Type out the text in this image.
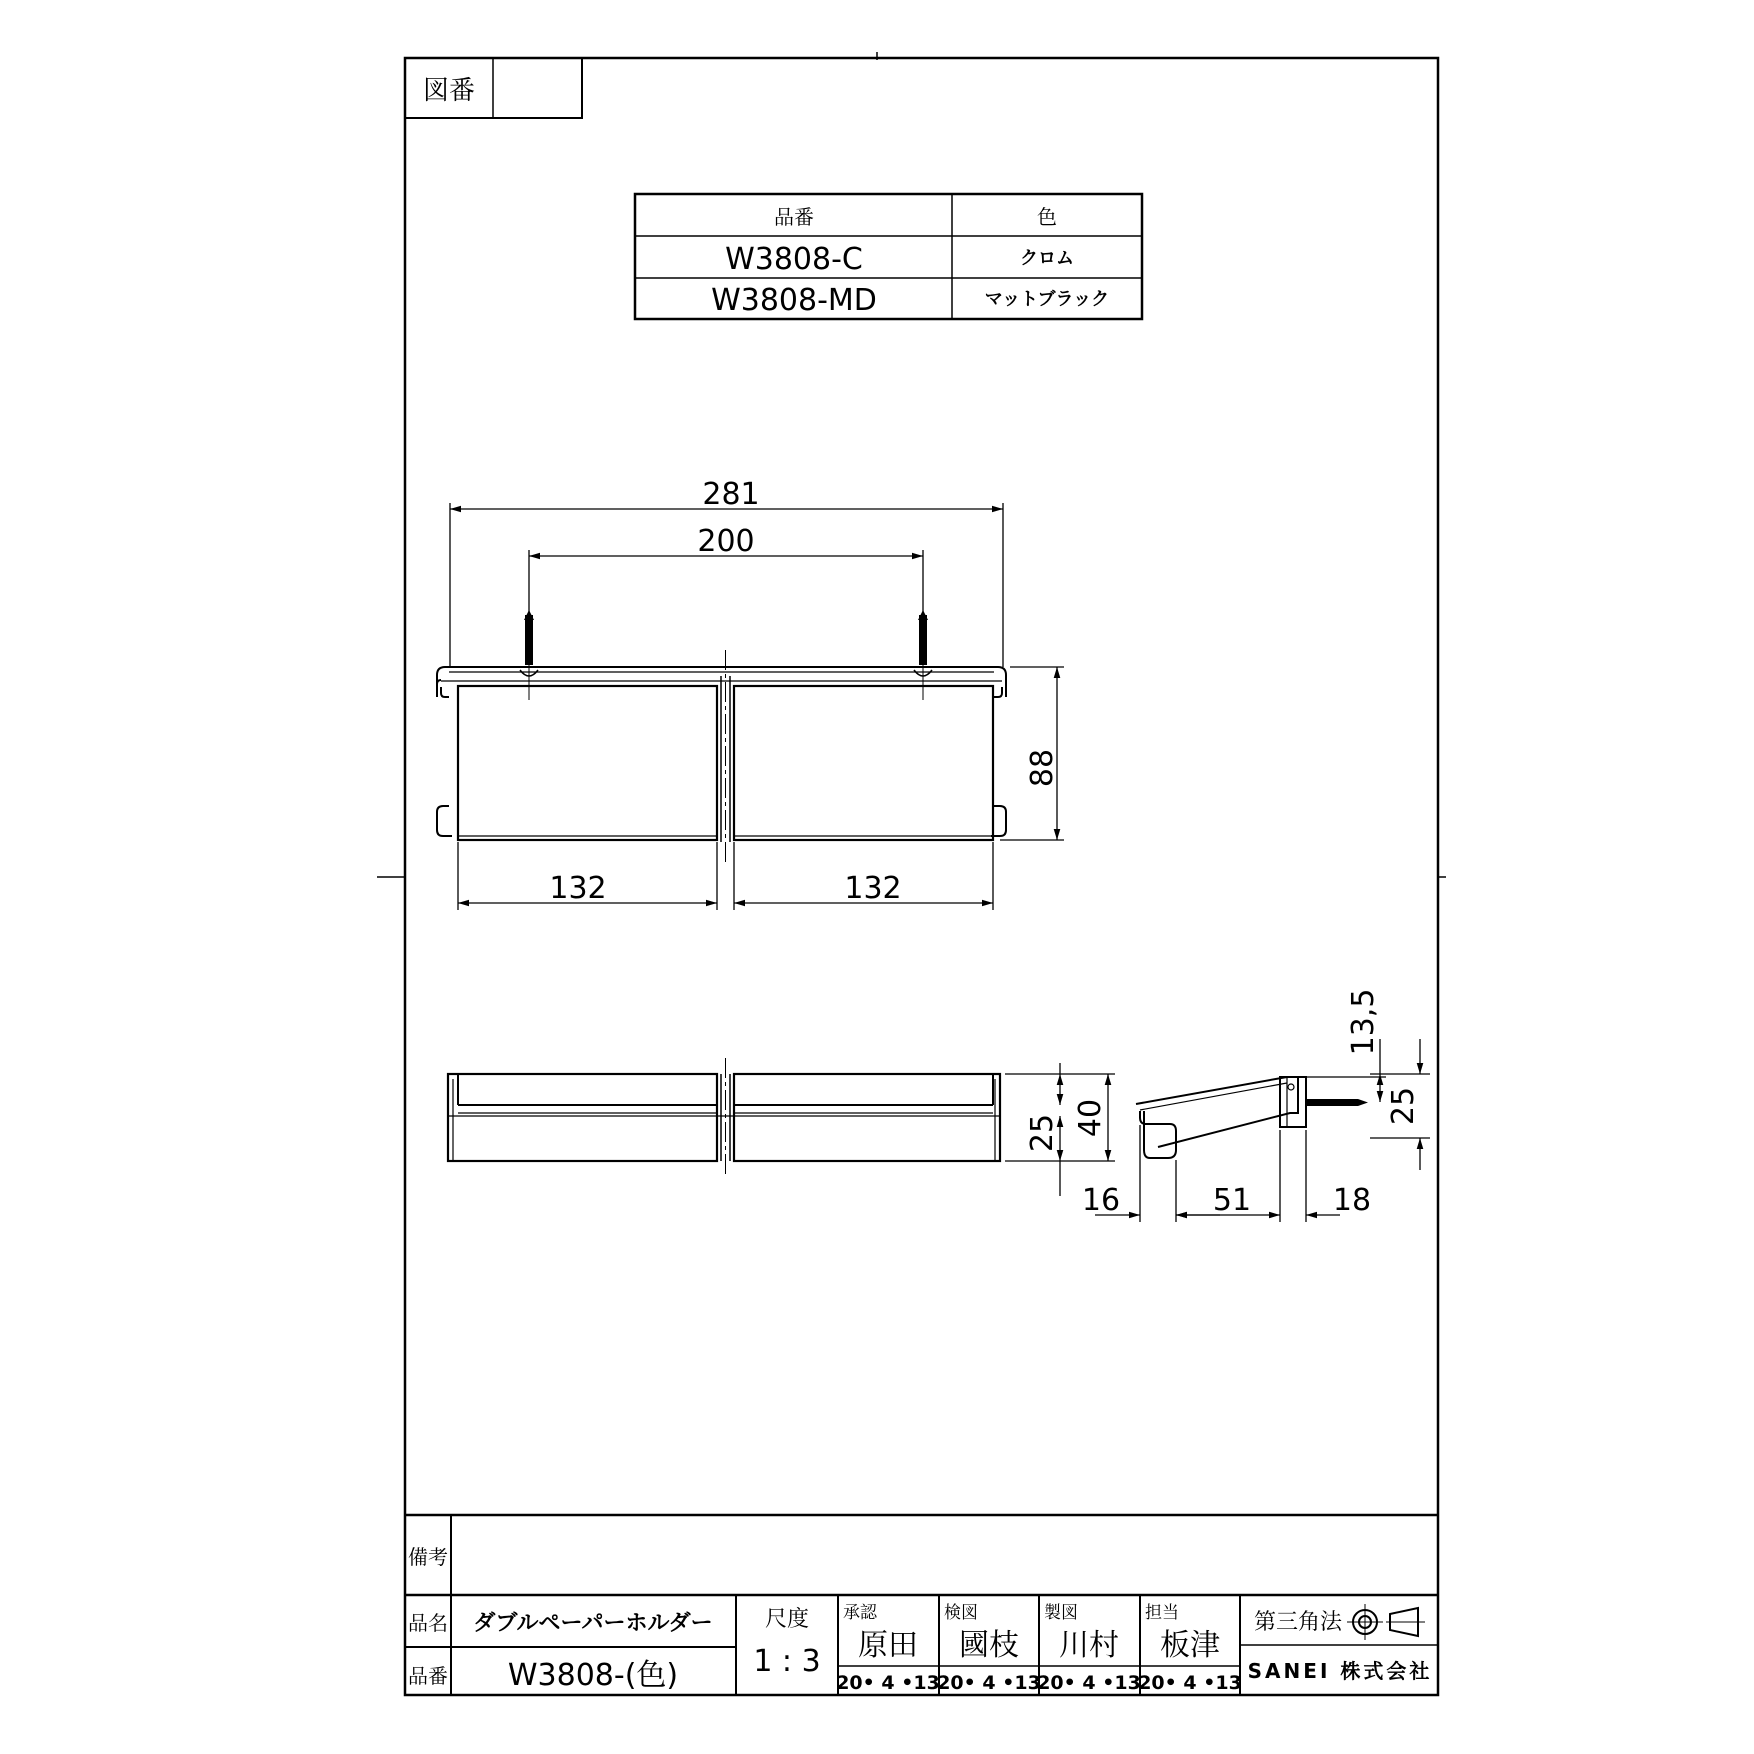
図番
品番	色
W3808-C	クロム
W3808-MD	マットブラック
281
200
88
132	132
25 40
13,5
25
16	51	18
備考
品名 ダブルペーパーホルダー
品番 W3808-(色)
尺度
1 : 3
承認
原田
20• 4 •13
検図
國枝
20• 4 •13
製図
川村
20• 4 •13
担当
板津
20• 4 •13
第三角法
SANEI 株式会社
